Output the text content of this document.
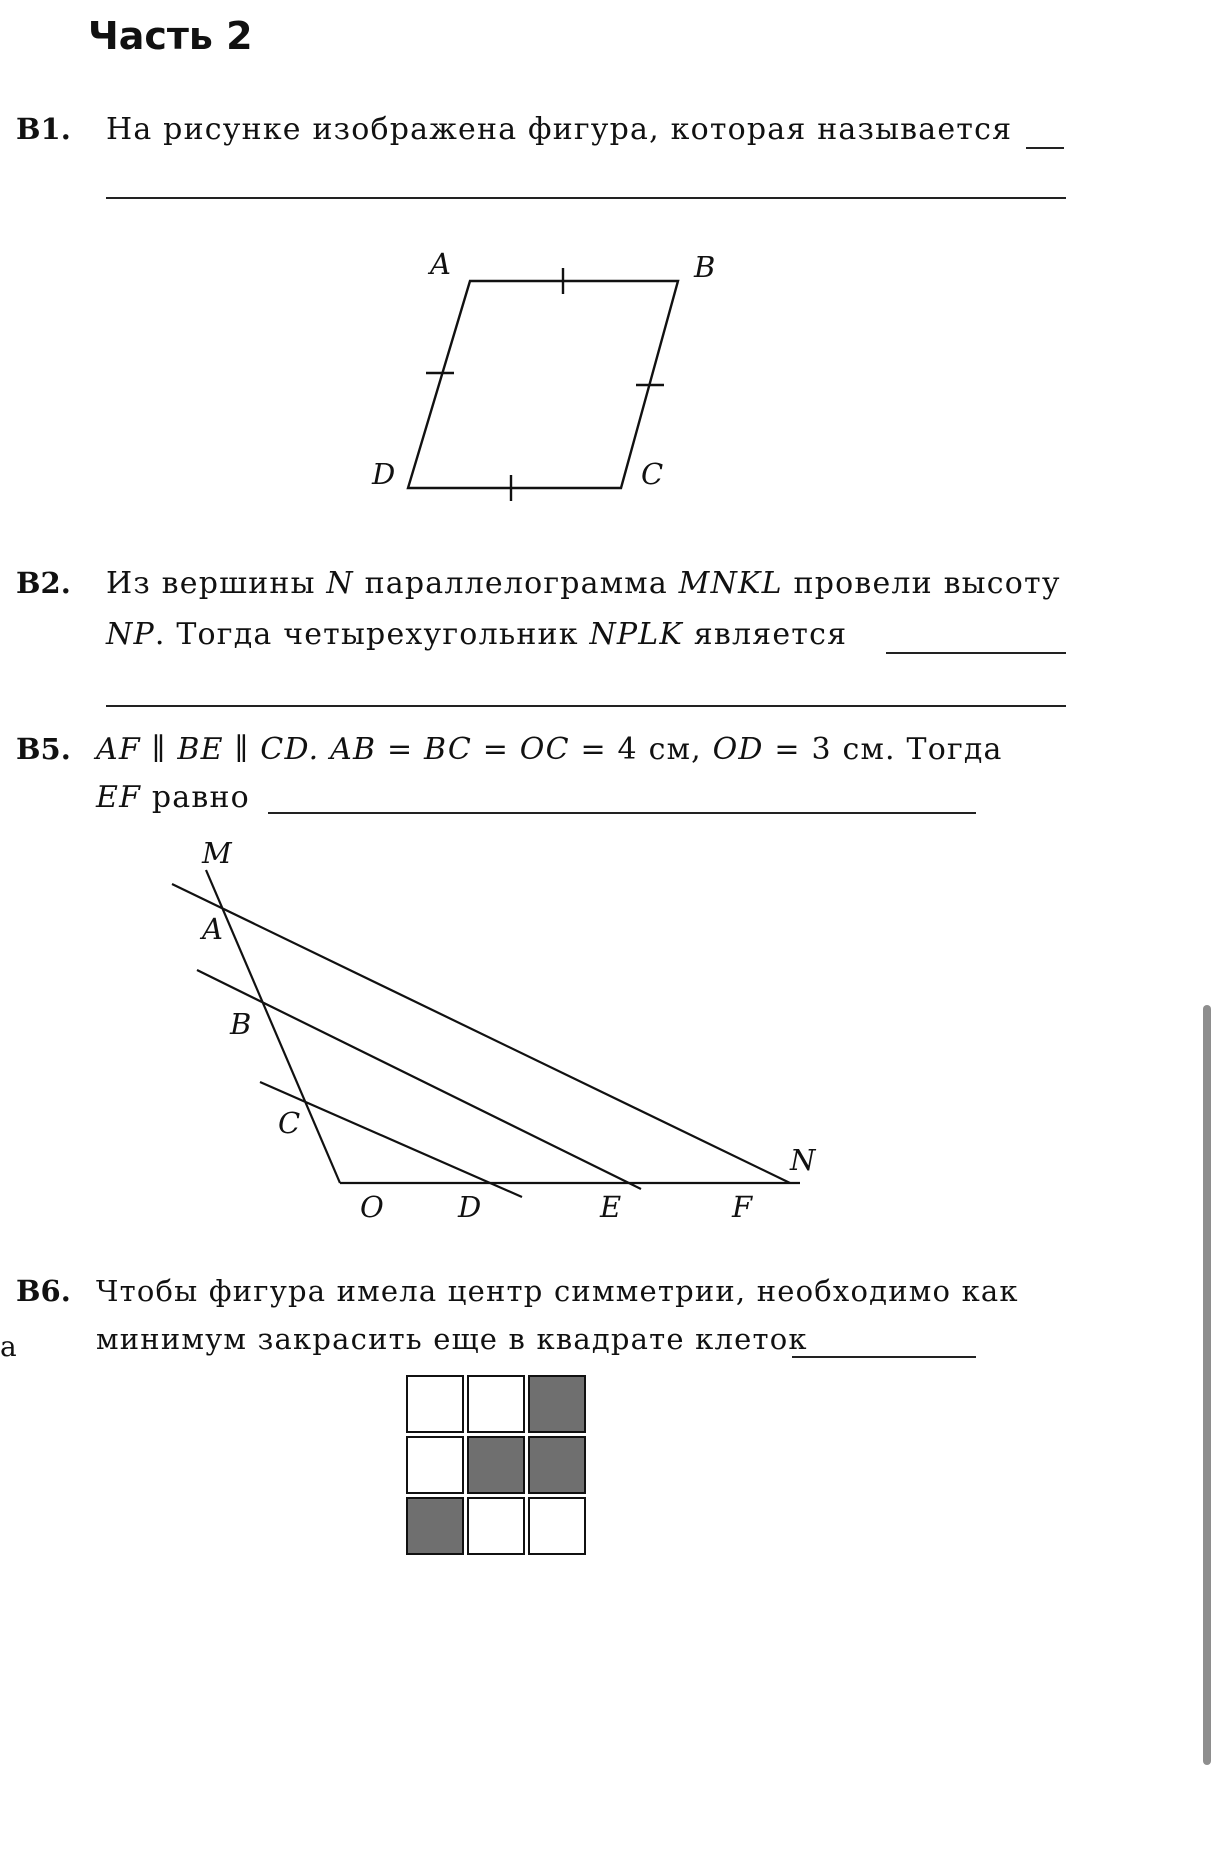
Часть 2
B1. На рисунке изображена фигура, которая называется
A	B
C
D
B2. Из вершины N параллелограмма MNKL провели высоту
NP. Тогда четырехугольник NPLK является
B5. AF ∥ BE ∥ CD. AB = BC = OC = 4 см, OD = 3 см. Тогда
EF равно
M
A
B
C
N
O	D	E	F
B6. Чтобы фигура имела центр симметрии, необходимо как
минимум закрасить еще в квадрате клеток
а
